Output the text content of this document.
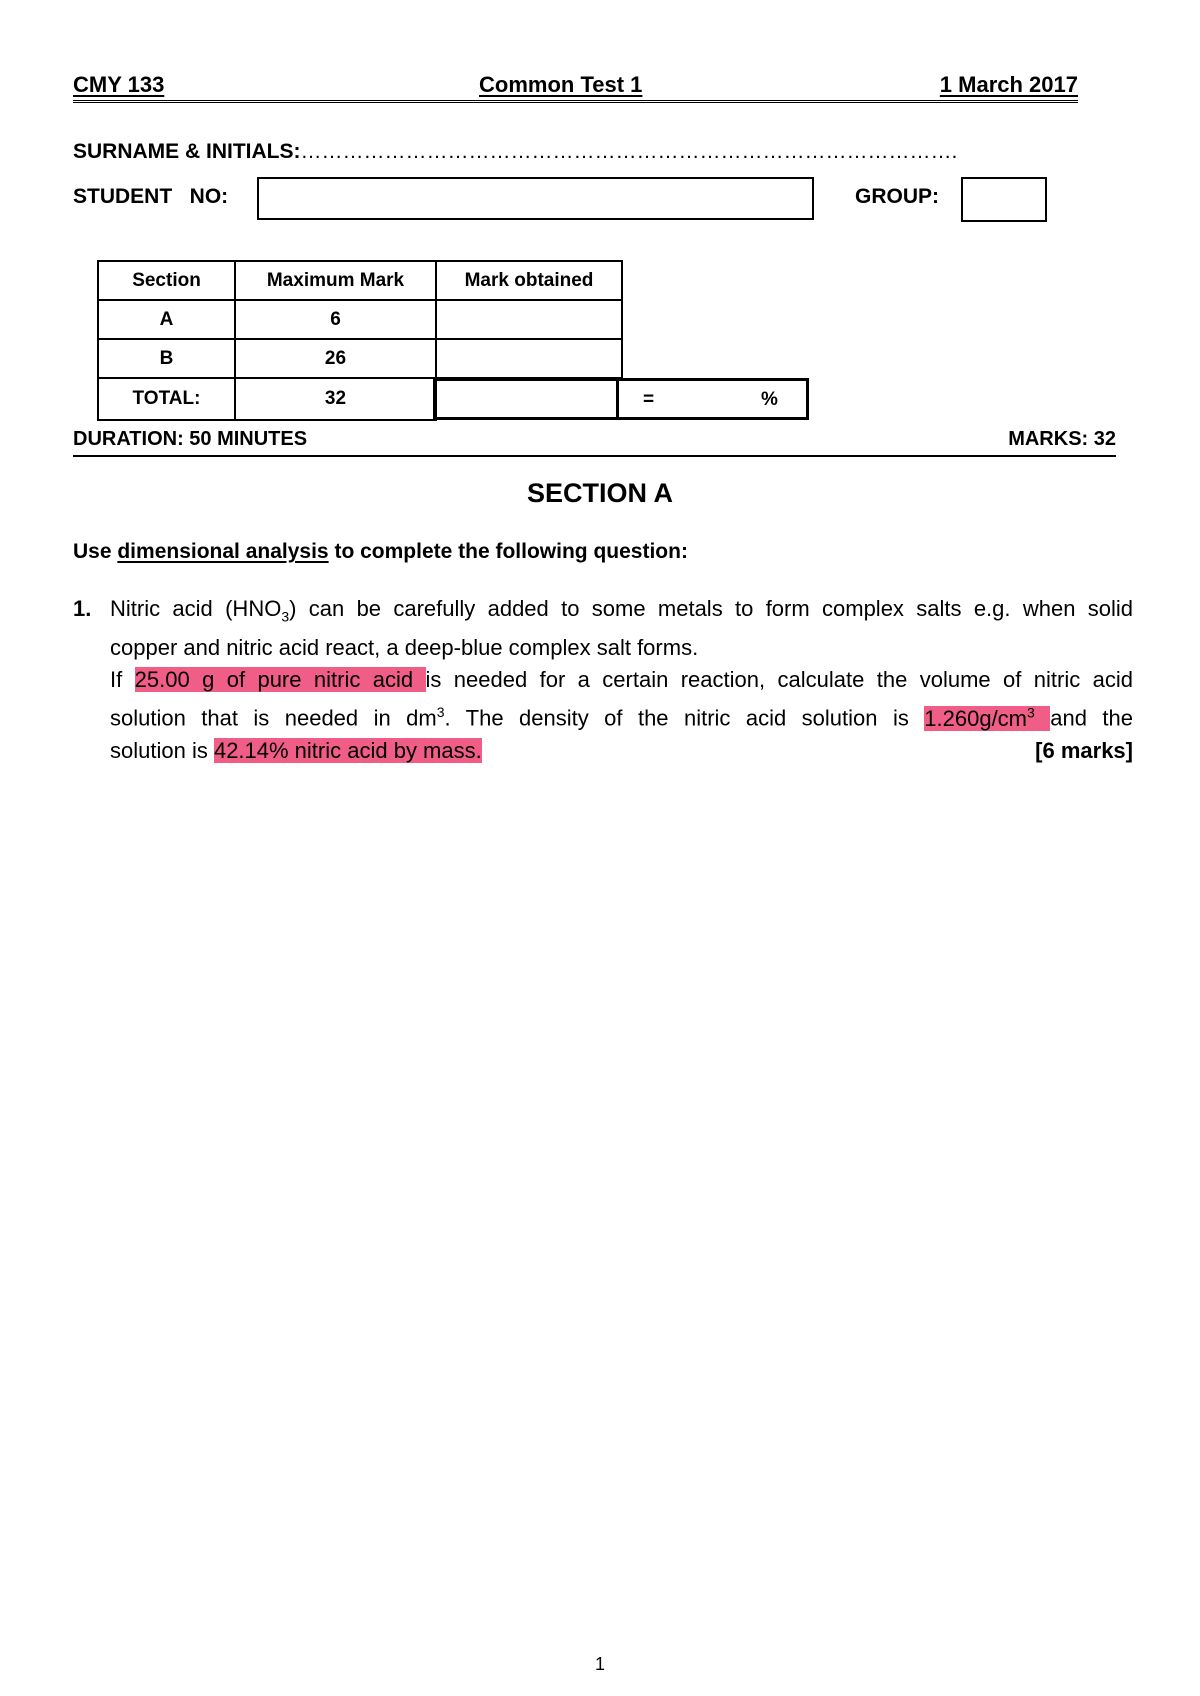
CMY 133	Common Test 1	1 March 2017
SURNAME & INITIALS:………………………………………………………………………………….
STUDENT   NO:	GROUP:
Section	Maximum Mark	Mark obtained
A	6	
B	26	
TOTAL:	32		=	%
DURATION: 50 MINUTES	MARKS: 32
SECTION A
Use dimensional analysis to complete the following question:
1. Nitric acid $(HNO_3)$ can be carefully added to some metals to form complex salts e.g. when solid
copper and nitric acid react, a deep-blue complex salt forms.
If 25.00 g of pure nitric acid is needed for a certain reaction, calculate the volume of nitric acid
solution that is needed in $dm^3$. The density of the nitric acid solution is $1.260g/cm^3$ and the
solution is 42.14% nitric acid by mass.	[6 marks]
1
